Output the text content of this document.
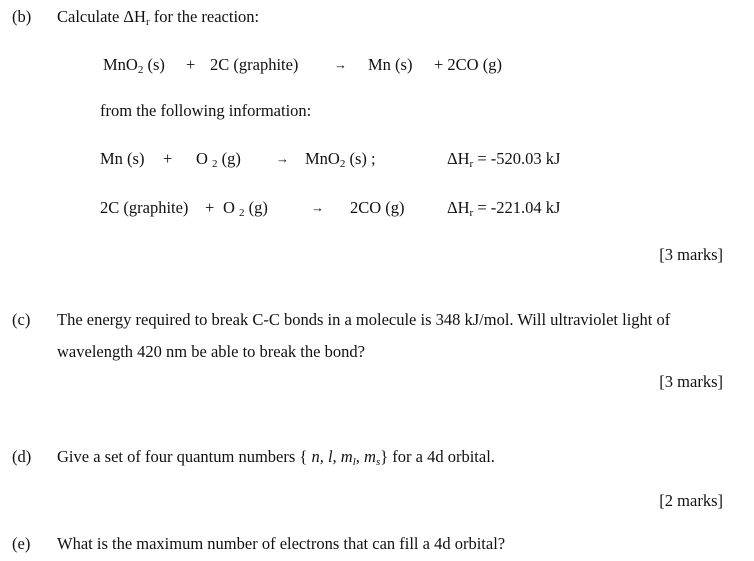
(b) Calculate $\Delta H_r$ for the reaction:
MnO$_2$ (s) + 2C (graphite)	→ Mn (s) + 2CO (g)
from the following information:
Mn (s) + O $_2$ (g)	→ MnO$_2$ (s) ;	$\Delta H_r = -520.03$ kJ
2C (graphite) + O $_2$ (g)	→ 2CO (g)	$\Delta H_r = -221.04$ kJ
[3 marks]
(c) The energy required to break C-C bonds in a molecule is 348 kJ/mol. Will ultraviolet light of
wavelength 420 nm be able to break the bond?
[3 marks]
(d) Give a set of four quantum numbers { n, l, $m_l$, $m_s$} for a 4d orbital.
[2 marks]
(e) What is the maximum number of electrons that can fill a 4d orbital?
